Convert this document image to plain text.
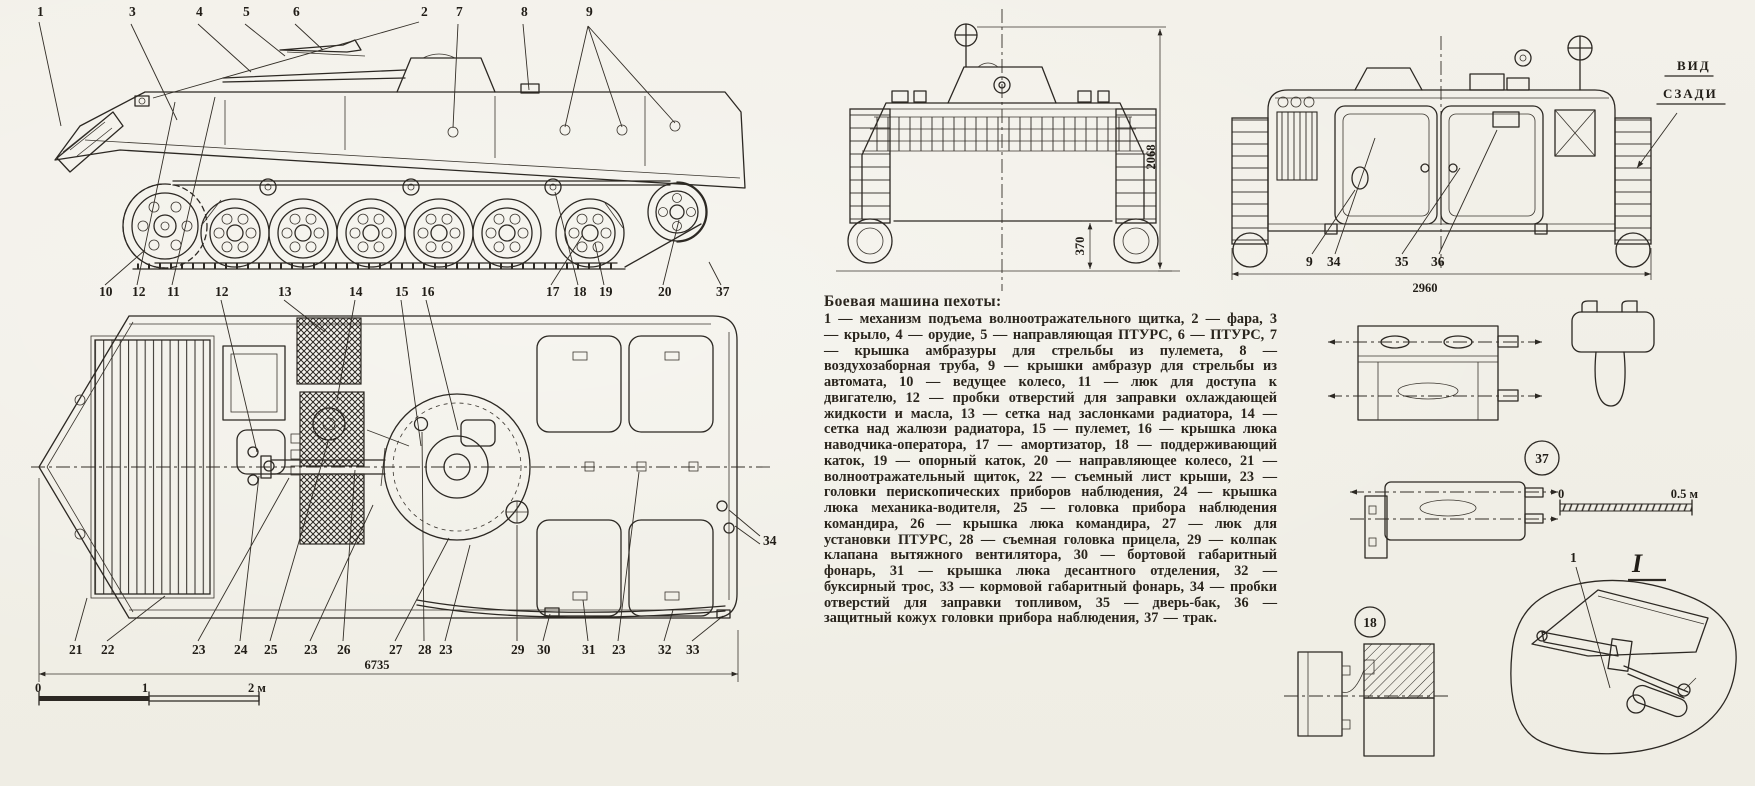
1	3	4	5	6	2 7	8	9
10 12 11	17 18 19	20	37
12	13	14 15 16
21 22	23 24 25 23 26	27 28 23	29 30 31 23 32 33
34
6735
0	1	2 м
2068
370
9 34	35 36
2960
ВИД
СЗАДИ
37
0	0.5 м
1 I
18
Боевая машина пехоты:

1 — механизм подъема волноотражательного щитка, 2 — фара, 3 — крыло, 4 — орудие, 5 — направляющая ПТУРС, 6 — ПТУРС, 7 — крышка амбразуры для стрельбы из пулемета, 8 — воздухозаборная труба, 9 — крышки амбразур для стрельбы из автомата, 10 — ведущее колесо, 11 — люк для доступа к двигателю, 12 — пробки отверстий для заправки охлаждающей жидкости и масла, 13 — сетка над заслонками радиатора, 14 — сетка над жалюзи радиатора, 15 — пулемет, 16 — крышка люка наводчика-оператора, 17 — амортизатор, 18 — поддерживающий каток, 19 — опорный каток, 20 — направляющее колесо, 21 — волноотражательный щиток, 22 — съемный лист крыши, 23 — головки перископических приборов наблюдения, 24 — крышка люка механика-водителя, 25 — головка прибора наблюдения командира, 26 — крышка люка командира, 27 — люк для установки ПТУРС, 28 — съемная головка прицела, 29 — колпак клапана вытяжного вентилятора, 30 — бортовой габаритный фонарь, 31 — крышка люка десантного отделения, 32 — буксирный трос, 33 — кормовой габаритный фонарь, 34 — пробки отверстий для заправки топливом, 35 — дверь-бак, 36 — защитный кожух головки прибора наблюдения, 37 — трак.
